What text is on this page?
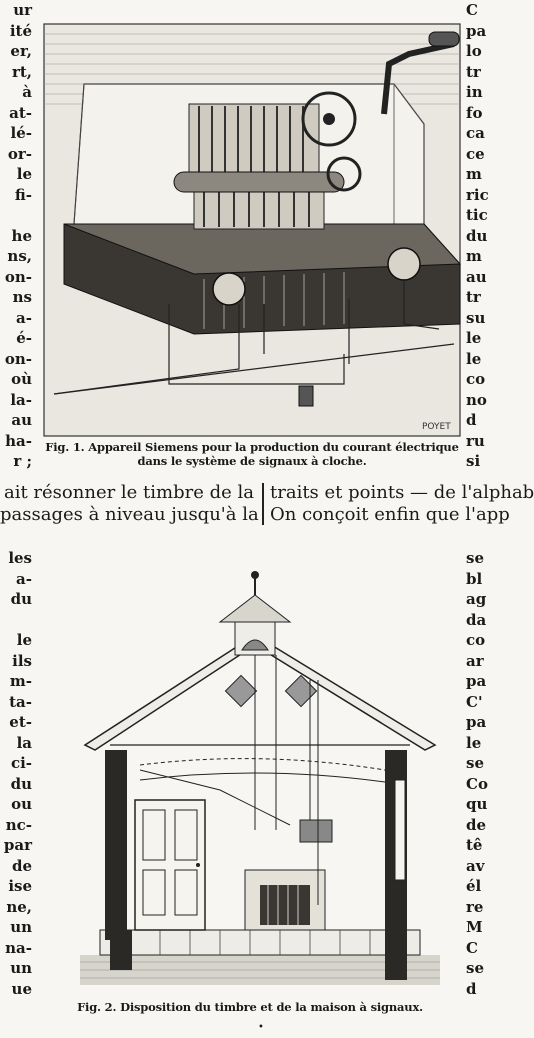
ur
ité
er,
rt,
à
at-
lé-
or-
le
fi-

he
ns,
on-
ns
a-
é-
on-
où
la-
au
ha-
r ;
C
pa
lo
tr
in
fo
ca
ce
m
ric
tic
du
m
au
tr
su
le
le
co
no
d
ru
si
POYET
Fig. 1. Appareil Siemens pour la production du courant électrique
dans le système de signaux à cloche.
ait résonner le timbre de la
passages à niveau jusqu'à la
traits et points — de l'alphab
On conçoit enfin que l'app
les
a-
du

le
ils
m-
ta-
et-
la
ci-
du
ou
nc-
par
de
ise
ne,
un
na-
un
ue
se
bl
ag
da
co
ar
pa
C'
pa
le
se
Co
qu
de
tê
av
él
re
M
C
se
d
Fig. 2. Disposition du timbre et de la maison à signaux.
•
